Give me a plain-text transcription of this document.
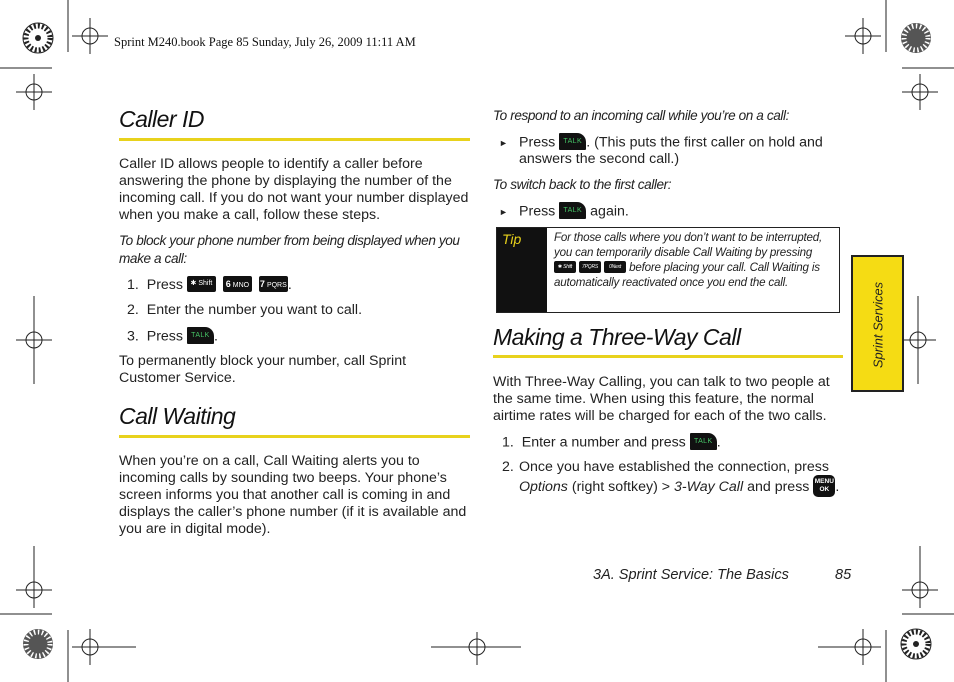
Sprint M240.book Page 85 Sunday, July 26, 2009 11:11 AM
Caller ID
Caller ID allows people to identify a caller before answering the phone by displaying the number of the incoming call. If you do not want your number displayed when you make a call, follow these steps.
To block your phone number from being displayed when you make a call:
1. Press ✱ Shift 6 MNO 7 PQRS.
2. Enter the number you want to call.
3. Press TALK .
To permanently block your number, call Sprint Customer Service.
Call Waiting
When you’re on a call, Call Waiting alerts you to incoming calls by sounding two beeps. Your phone’s screen informs you that another call is coming in and displays the caller’s phone number (if it is available and you are in digital mode).
To respond to an incoming call while you’re on a call:
► Press TALK . (This puts the first caller on hold and answers the second call.)
To switch back to the first caller:
► Press TALK again.
Tip	For those calls where you don’t want to be interrupted, you can temporarily disable Call Waiting by pressing ✱ Shift 7PQRS 0Next before placing your call. Call Waiting is automatically reactivated once you end the call.
Making a Three-Way Call
With Three-Way Calling, you can talk to two people at the same time. When using this feature, the normal airtime rates will be charged for each of the two calls.
1. Enter a number and press TALK .
2. Once you have established the connection, press Options (right softkey) > 3-Way Call and press MENU
OK .
Sprint Services
3A. Sprint Service: The Basics	85
